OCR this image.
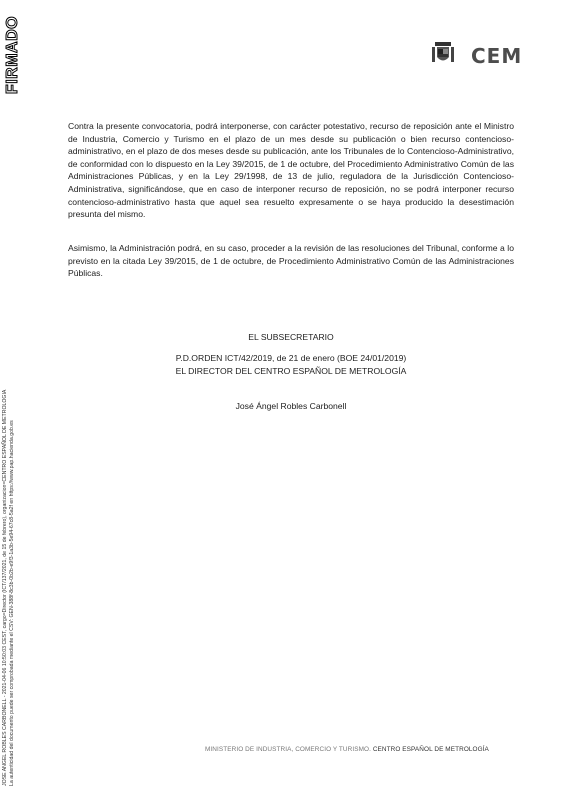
FIRMADO
JOSE ANGEL ROBLES CARBONELL - 2021-04-06 10:50:03 CEST, cargo=Director (ICT/137/2021, de 15 de febrero), organizacion=CENTRO ESPAÑOL DE METROLOGIA La autenticidad del documento puede ser comprobada mediante el CSV: GEN-388f-8c3b-0b2b-e9f3-1a3b-5e94-67c8-5a2f en https://www.pap.hacienda.gob.es
CEM
Contra la presente convocatoria, podrá interponerse, con carácter potestativo, recurso de reposición ante el Ministro de Industria, Comercio y Turismo en el plazo de un mes desde su publicación o bien recurso contencioso-administrativo, en el plazo de dos meses desde su publicación, ante los Tribunales de lo Contencioso-Administrativo, de conformidad con lo dispuesto en la Ley 39/2015, de 1 de octubre, del Procedimiento Administrativo Común de las Administraciones Públicas, y en la Ley 29/1998, de 13 de julio, reguladora de la Jurisdicción Contencioso-Administrativa, significándose, que en caso de interponer recurso de reposición, no se podrá interponer recurso contencioso-administrativo hasta que aquel sea resuelto expresamente o se haya producido la desestimación presunta del mismo.
Asimismo, la Administración podrá, en su caso, proceder a la revisión de las resoluciones del Tribunal, conforme a lo previsto en la citada Ley 39/2015, de 1 de octubre, de Procedimiento Administrativo Común de las Administraciones Públicas.
EL SUBSECRETARIO
P.D.ORDEN ICT/42/2019, de 21 de enero (BOE 24/01/2019)
EL DIRECTOR DEL CENTRO ESPAÑOL DE METROLOGÍA
José Ángel Robles Carbonell
MINISTERIO DE INDUSTRIA, COMERCIO Y TURISMO. CENTRO ESPAÑOL DE METROLOGÍA
